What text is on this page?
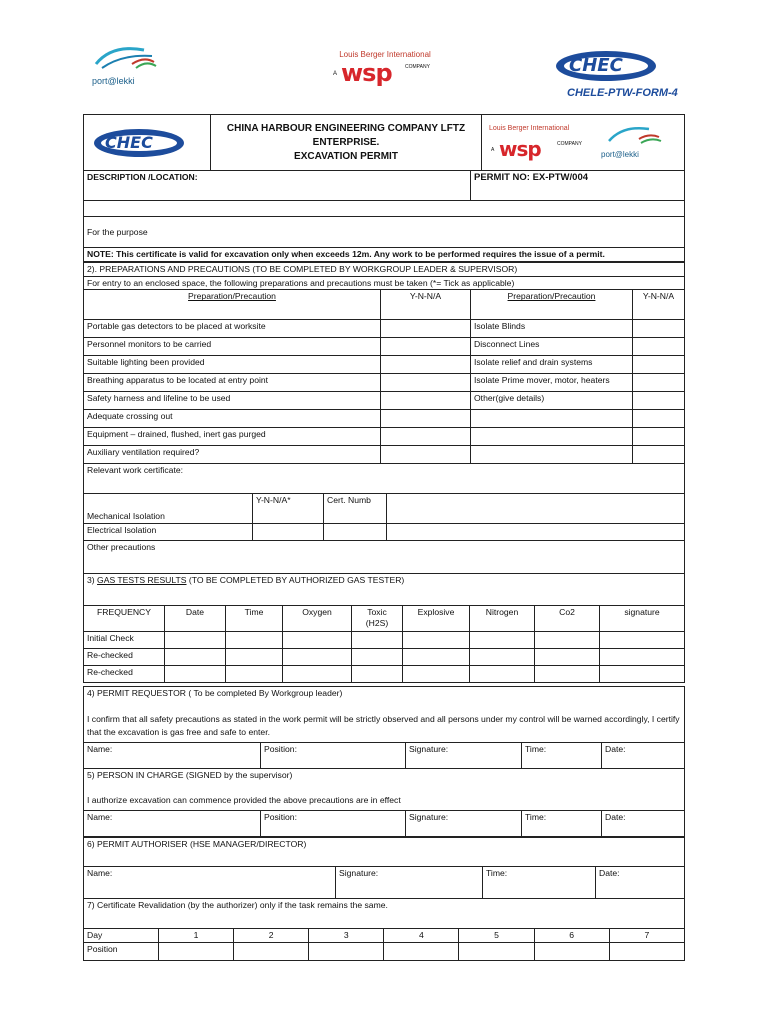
port@lekki
Louis Berger International
A wsp	COMPANY	CHEC
CHELE-PTW-FORM-4
CHEC

CHINA HARBOUR ENGINEERING COMPANY LFTZ
ENTERPRISE.
EXCAVATION PERMIT

Louis Berger International
A wsp	COMPANY
port@lekki
DESCRIPTION /LOCATION:	PERMIT NO: EX-PTW/004

For the purpose
NOTE: This certificate is valid for excavation only when exceeds 12m. Any work to be performed requires the issue of a permit.
2). PREPARATIONS AND PRECAUTIONS (TO BE COMPLETED BY WORKGROUP LEADER & SUPERVISOR)			
For entry to an enclosed space, the following preparations and precautions must be taken (*= Tick as applicable)			
Preparation/Precaution	Y-N-N/A	Preparation/Precaution	Y-N-N/A
Portable gas detectors to be placed at worksite		Isolate Blinds	
Personnel monitors to be carried		Disconnect Lines	
Suitable lighting been provided		Isolate relief and drain systems	
Breathing apparatus to be located at entry point		Isolate Prime mover, motor, heaters	
Safety harness and lifeline to be used		Other(give details)	
Adequate crossing out			
Equipment – drained, flushed, inert gas purged			
Auxiliary ventilation required?			
Relevant work certificate:			
Mechanical Isolation	Y-N-N/A*	Cert. Numb	
Electrical Isolation			
Other precautions			
3) GAS TESTS RESULTS (TO BE COMPLETED BY AUTHORIZED GAS TESTER)								
FREQUENCY	Date	Time	Oxygen	Toxic (H2S)	Explosive	Nitrogen	Co2	signature
Initial Check								
Re-checked								
Re-checked								
4) PERMIT REQUESTOR ( To be completed By Workgroup leader)
I confirm that all safety precautions as stated in the work permit will be strictly observed and all persons under my control will be warned accordingly, I certify that the excavation is gas free and safe to enter.

Name:	Position:	Signature:	Time:	Date:
5) PERSON IN CHARGE (SIGNED by the supervisor)
I authorize excavation can commence provided the above precautions are in effect

Name:	Position:	Signature:	Time:	Date:
6) PERMIT AUTHORISER (HSE MANAGER/DIRECTOR)
Name:	Signature:	Time:	Date:
7) Certificate Revalidation (by the authorizer) only if the task remains the same.							
Day	1	2	3	4	5	6	7
Position							
